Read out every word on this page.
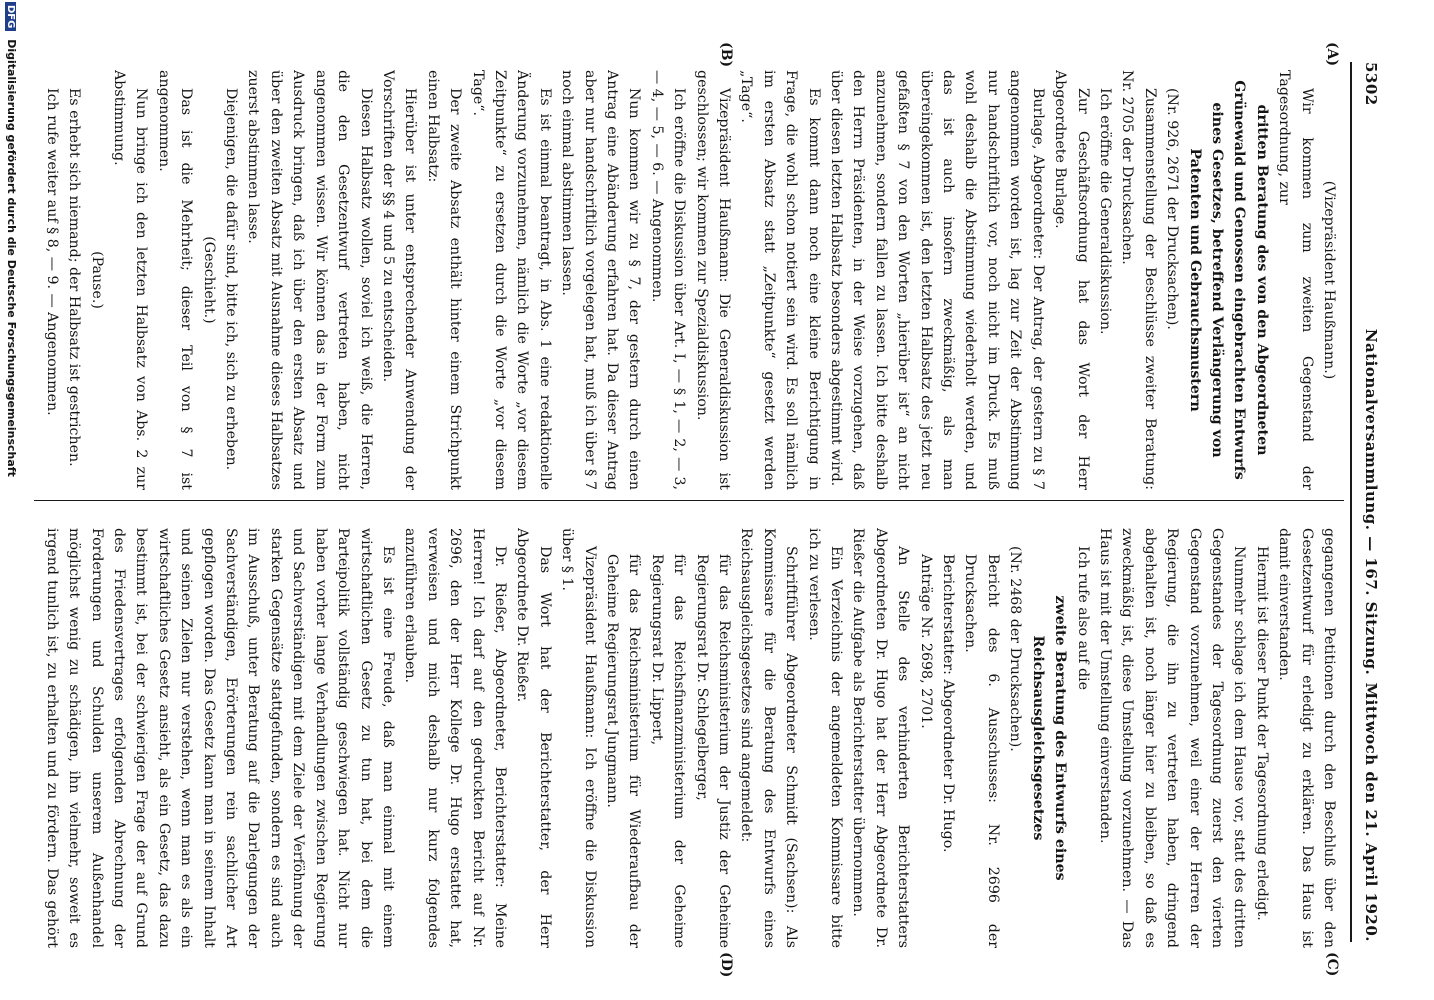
5302
Nationalversammlung. — 167. Sitzung.
Mittwoch den 21. April 1920.
(A)
(B)
(C)
(D)

(Vizepräsident Haußmann.)

Wir kommen zum zweiten Gegenstand der Tagesordnung, zur

dritten Beratung des von den Abgeordneten Grünewald und Genossen eingebrachten Entwurfs eines Gesetzes, betreffend Verlängerung von Patenten und Gebrauchsmustern

(Nr. 926, 2671 der Drucksachen).

Zusammenstellung der Beschlüsse zweiter Beratung: Nr. 2705 der Drucksachen.

Ich eröffne die Generaldiskussion.

Zur Geschäftsordnung hat das Wort der Herr Abgeordnete Burlage.

Burlage, Abgeordneter: Der Antrag, der gestern zu § 7 angenommen worden ist, lag zur Zeit der Abstimmung nur handschriftlich vor, noch nicht im Druck. Es muß wohl deshalb die Abstimmung wiederholt werden, und das ist auch insofern zweckmäßig, als man übereingekommen ist, den letzten Halbsatz des jetzt neu gefaßten § 7 von den Worten „hierüber ist“ an nicht anzunehmen, sondern fallen zu lassen. Ich bitte deshalb den Herrn Präsidenten, in der Weise vorzugehen, daß über diesen letzten Halbsatz besonders abgestimmt wird.

Es kommt dann noch eine kleine Berichtigung in Frage, die wohl schon notiert sein wird. Es soll nämlich im ersten Absatz statt „Zeitpunkte“ gesetzt werden „Tage“.

Vizepräsident Haußmann: Die Generaldiskussion ist geschlossen; wir kommen zur Spezialdiskussion.

Ich eröffne die Diskussion über Art. I, — § 1, — 2, — 3, — 4, — 5, — 6. — Angenommen.

Nun kommen wir zu § 7, der gestern durch einen Antrag eine Abänderung erfahren hat. Da dieser Antrag aber nur handschriftlich vorgelegen hat, muß ich über § 7 noch einmal abstimmen lassen.

Es ist einmal beantragt, in Abs. 1 eine redaktionelle Änderung vorzunehmen, nämlich die Worte „vor diesem Zeitpunkte“ zu ersetzen durch die Worte „vor diesem Tage“.

Der zweite Absatz enthält hinter einem Strichpunkt einen Halbsatz:

Hierüber ist unter entsprechender Anwendung der Vorschriften der §§ 4 und 5 zu entscheiden.

Diesen Halbsatz wollen, soviel ich weiß, die Herren, die den Gesetzentwurf vertreten haben, nicht angenommen wissen. Wir können das in der Form zum Ausdruck bringen, daß ich über den ersten Absatz und über den zweiten Absatz mit Ausnahme dieses Halbsatzes zuerst abstimmen lasse.

Diejenigen, die dafür sind, bitte ich, sich zu erheben.

(Geschieht.)

Das ist die Mehrheit; dieser Teil von § 7 ist angenommen.

Nun bringe ich den letzten Halbsatz von Abs. 2 zur Abstimmung.

(Pause.)

Es erhebt sich niemand; der Halbsatz ist gestrichen.

Ich rufe weiter auf § 8, — 9. — Angenommen.

gegangenen Petitionen durch den Beschluß über den Gesetzentwurf für erledigt zu erklären. Das Haus ist damit einverstanden.

Hiermit ist dieser Punkt der Tagesordnung erledigt.

Nunmehr schlage ich dem Hause vor, statt des dritten Gegenstandes der Tagesordnung zuerst den vierten Gegenstand vorzunehmen, weil einer der Herren der Regierung, die ihn zu vertreten haben, dringend abgehalten ist, noch länger hier zu bleiben, so daß es zweckmäßig ist, diese Umstellung vorzunehmen. — Das Haus ist mit der Umstellung einverstanden.

Ich rufe also auf die

zweite Beratung des Entwurfs eines Reichsausgleichsgesetzes

(Nr. 2468 der Drucksachen).

Bericht des 6. Ausschusses: Nr. 2696 der Drucksachen.

Berichterstatter: Abgeordneter Dr. Hugo.

Anträge Nr. 2698, 2701.

An Stelle des verhinderten Berichterstatters Abgeordneten Dr. Hugo hat der Herr Abgeordnete Dr. Rießer die Aufgabe als Berichterstatter übernommen.

Ein Verzeichnis der angemeldeten Kommissare bitte ich zu verlesen.

Schriftführer Abgeordneter Schmidt (Sachsen): Als Kommissare für die Beratung des Entwurfs eines Reichsausgleichsgesetzes sind angemeldet:

für das Reichsministerium der Justiz der Geheime Regierungsrat Dr. Schlegelberger,

für das Reichsfinanzministerium der Geheime Regierungsrat Dr. Lippert,

für das Reichsministerium für Wiederaufbau der Geheime Regierungsrat Jungmann.

Vizepräsident Haußmann: Ich eröffne die Diskussion über § 1.

Das Wort hat der Berichterstatter, der Herr Abgeordnete Dr. Rießer.

Dr. Rießer, Abgeordneter, Berichterstatter: Meine Herren! Ich darf auf den gedruckten Bericht auf Nr. 2696, den der Herr Kollege Dr. Hugo erstattet hat, verweisen und mich deshalb nur kurz folgendes anzuführen erlauben.

Es ist eine Freude, daß man einmal mit einem wirtschaftlichen Gesetz zu tun hat, bei dem die Parteipolitik vollständig geschwiegen hat. Nicht nur haben vorher lange Verhandlungen zwischen Regierung und Sachverständigen mit dem Ziele der Verföhnung der starken Gegensätze stattgefunden, sondern es sind auch im Ausschuß, unter Beratung auf die Darlegungen der Sachverständigen, Erörterungen rein sachlicher Art gepflogen worden. Das Gesetz kann man in seinem Inhalt und seinen Zielen nur verstehen, wenn man es als ein wirtschaftliches Gesetz ansieht, als ein Gesetz, das dazu bestimmt ist, bei der schwierigen Frage der auf Grund des Friedensvertrages erfolgenden Abrechnung der Forderungen und Schulden unserem Außenhandel möglichst wenig zu schädigen, ihn vielmehr, soweit es irgend tunlich ist, zu erhalten und zu fördern. Das gehört

DFG Digitalisierung gefördert durch die Deutsche Forschungsgemeinschaft
